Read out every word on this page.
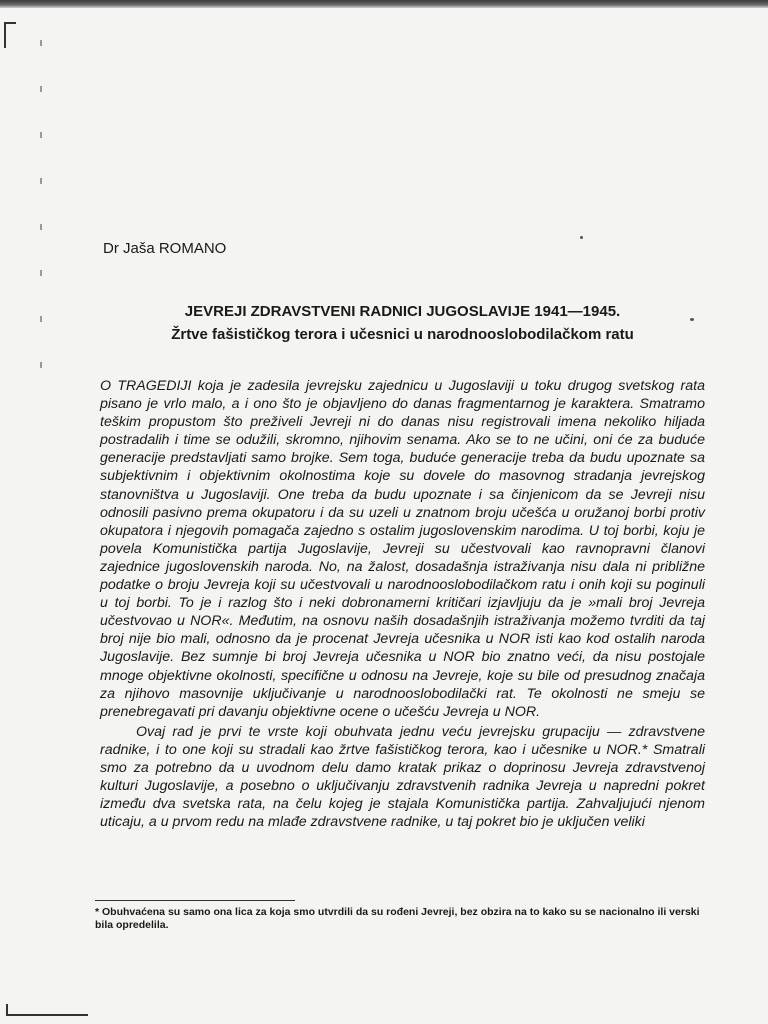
Dr Jaša ROMANO
JEVREJI ZDRAVSTVENI RADNICI JUGOSLAVIJE 1941—1945.
Žrtve fašističkog terora i učesnici u narodnooslobodilačkom ratu

O TRAGEDIJI koja je zadesila jevrejsku zajednicu u Jugoslaviji u toku drugog svetskog rata pisano je vrlo malo, a i ono što je objavljeno do danas fragmentarnog je karaktera. Smatramo teškim propustom što preživeli Jevreji ni do danas nisu registrovali imena nekoliko hiljada postradalih i time se odužili, skromno, njihovim senama. Ako se to ne učini, oni će za buduće generacije predstavljati samo brojke. Sem toga, buduće generacije treba da budu upoznate sa subjektivnim i objektivnim okolnostima koje su dovele do masovnog stradanja jevrejskog stanovništva u Jugoslaviji. One treba da budu upoznate i sa činjenicom da se Jevreji nisu odnosili pasivno prema okupatoru i da su uzeli u znatnom broju učešća u oružanoj borbi protiv okupatora i njegovih pomagača zajedno s ostalim jugoslovenskim narodima. U toj borbi, koju je povela Komunistička partija Jugoslavije, Jevreji su učestvovali kao ravnopravni članovi zajednice jugoslovenskih naroda. No, na žalost, dosadašnja istraživanja nisu dala ni približne podatke o broju Jevreja koji su učestvovali u narodnooslobodilačkom ratu i onih koji su poginuli u toj borbi. To je i razlog što i neki dobronamerni kritičari izjavljuju da je »mali broj Jevreja učestvovao u NOR«. Međutim, na osnovu naših dosadašnjih istraživanja možemo tvrditi da taj broj nije bio mali, odnosno da je procenat Jevreja učesnika u NOR isti kao kod ostalih naroda Jugoslavije. Bez sumnje bi broj Jevreja učesnika u NOR bio znatno veći, da nisu postojale mnoge objektivne okolnosti, specifične u odnosu na Jevreje, koje su bile od presudnog značaja za njihovo masovnije uključivanje u narodnooslobodilački rat. Te okolnosti ne smeju se prenebregavati pri davanju objektivne ocene o učešću Jevreja u NOR.

Ovaj rad je prvi te vrste koji obuhvata jednu veću jevrejsku grupaciju — zdravstvene radnike, i to one koji su stradali kao žrtve fašističkog terora, kao i učesnike u NOR.* Smatrali smo za potrebno da u uvodnom delu damo kratak prikaz o doprinosu Jevreja zdravstvenoj kulturi Jugoslavije, a posebno o uključivanju zdravstvenih radnika Jevreja u napredni pokret između dva svetska rata, na čelu kojeg je stajala Komunistička partija. Zahvaljujući njenom uticaju, a u prvom redu na mlađe zdravstvene radnike, u taj pokret bio je uključen veliki

* Obuhvaćena su samo ona lica za koja smo utvrdili da su rođeni Jevreji, bez obzira na to kako su se nacionalno ili verski bila opredelila.
